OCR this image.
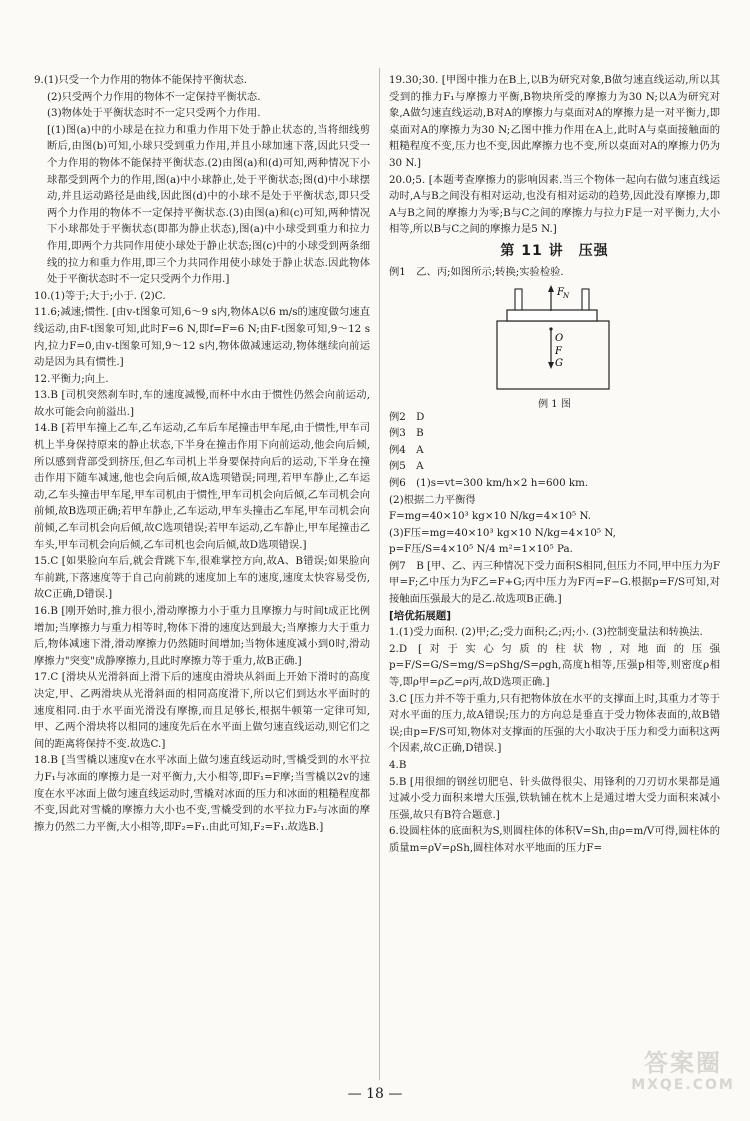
9.(1)只受一个力作用的物体不能保持平衡状态.
(2)只受两个力作用的物体不一定保持平衡状态.
(3)物体处于平衡状态时不一定只受两个力作用.
[(1)图(a)中的小球是在拉力和重力作用下处于静止状态的,当将细线剪断后,由图(b)可知,小球只受到重力作用,并且小球加速下落,因此只受一个力作用的物体不能保持平衡状态.(2)由图(a)和(d)可知,两种情况下小球都受到两个力的作用,图(a)中小球静止,处于平衡状态;图(d)中小球摆动,并且运动路径是曲线,因此图(d)中的小球不是处于平衡状态,即只受两个力作用的物体不一定保持平衡状态.(3)由图(a)和(c)可知,两种情况下小球都处于平衡状态(即都为静止状态),图(a)中小球受到重力和拉力作用,即两个力共同作用使小球处于静止状态;图(c)中的小球受到两条细线的拉力和重力作用,即三个力共同作用使小球处于静止状态.因此物体处于平衡状态时不一定只受两个力作用.]
10.(1)等于;大于;小于. (2)C.
11.6;减速;惯性. [由v-t图象可知,6～9 s内,物体A以6 m/s的速度做匀速直线运动,由F-t图象可知,此时F=6 N,即f=F=6 N;由F-t图象可知,9～12 s内,拉力F=0,由v-t图象可知,9～12 s内,物体做减速运动,物体继续向前运动是因为具有惯性.]
12.平衡力;向上.
13.B [司机突然刹车时,车的速度减慢,而杯中水由于惯性仍然会向前运动,故水可能会向前溢出.]
14.B [若甲车撞上乙车,乙车运动,乙车后车尾撞击甲车尾,由于惯性,甲车司机上半身保持原来的静止状态,下半身在撞击作用下向前运动,他会向后倾,所以感到背部受到挤压,但乙车司机上半身要保持向后的运动,下半身在撞击作用下随车减速,他也会向后倾,故A选项错误;同理,若甲车静止,乙车运动,乙车头撞击甲车尾,甲车司机由于惯性,甲车司机会向后倾,乙车司机会向前倾,故B选项正确;若甲车静止,乙车运动,甲车头撞击乙车尾,甲车司机会向前倾,乙车司机会向后倾,故C选项错误;若甲车运动,乙车静止,甲车尾撞击乙车头,甲车司机会向后倾,乙车司机也会向后倾,故D选项错误.]
15.C [如果脸向车后,就会背跳下车,很难掌控方向,故A、B错误;如果脸向车前跳,下落速度等于自己向前跳的速度加上车的速度,速度太快容易受伤,故C正确,D错误.]
16.B [刚开始时,推力很小,滑动摩擦力小于重力且摩擦力与时间t成正比例增加;当摩擦力与重力相等时,物体下滑的速度达到最大;当摩擦力大于重力后,物体减速下滑,滑动摩擦力仍然随时间增加;当物体速度减小到0时,滑动摩擦力"突变"成静摩擦力,且此时摩擦力等于重力,故B正确.]
17.C [滑块从光滑斜面上滑下后的速度由滑块从斜面上开始下滑时的高度决定,甲、乙两滑块从光滑斜面的相同高度滑下,所以它们到达水平面时的速度相同.由于水平面光滑没有摩擦,而且足够长,根据牛顿第一定律可知,甲、乙两个滑块将以相同的速度先后在水平面上做匀速直线运动,则它们之间的距离将保持不变.故选C.]
18.B [当雪橇以速度v在水平冰面上做匀速直线运动时,雪橇受到的水平拉力F₁与冰面的摩擦力是一对平衡力,大小相等,即F₁=F摩;当雪橇以2v的速度在水平冰面上做匀速直线运动时,雪橇对冰面的压力和冰面的粗糙程度都不变,因此对雪橇的摩擦力大小也不变,雪橇受到的水平拉力F₂与冰面的摩擦力仍然二力平衡,大小相等,即F₂=F₁.由此可知,F₂=F₁.故选B.]
19.30;30. [甲图中推力在B上,以B为研究对象,B做匀速直线运动,所以其受到的推力F₁与摩擦力平衡,B物块所受的摩擦力为30 N;以A为研究对象,A做匀速直线运动,B对A的摩擦力与桌面对A的摩擦力是一对平衡力,即桌面对A的摩擦力为30 N;乙图中推力作用在A上,此时A与桌面接触面的粗糙程度不变,压力也不变,因此摩擦力也不变,所以桌面对A的摩擦力仍为30 N.]
20.0;5. [本题考查摩擦力的影响因素.当三个物体一起向右做匀速直线运动时,A与B之间没有相对运动,也没有相对运动的趋势,因此没有摩擦力,即A与B之间的摩擦力为零;B与C之间的摩擦力与拉力F是一对平衡力,大小相等,所以B与C之间的摩擦力是5 N.]
第 11 讲　压强
例1　乙、丙;如图所示;转换;实验检验.
F N
O
F
G
例 1 图
例2　D
例3　B
例4　A
例5　A
例6　(1)s=vt=300 km/h×2 h=600 km.
(2)根据二力平衡得
F=mg=40×10³ kg×10 N/kg=4×10⁵ N.
(3)F压=mg=40×10³ kg×10 N/kg=4×10⁵ N,
p=F压/S=4×10⁵ N/4 m²=1×10⁵ Pa.
例7　B [甲、乙、丙三种情况下受力面积S相同,但压力不同,甲中压力为F甲=F;乙中压力为F乙=F+G;丙中压力为F丙=F−G.根据p=F/S可知,对接触面压强最大的是乙.故选项B正确.]
[培优拓展题]
1.(1)受力面积. (2)甲;乙;受力面积;乙;丙;小. (3)控制变量法和转换法.
2.D [对于实心匀质的柱状物,对地面的压强p=F/S=G/S=mg/S=ρShg/S=ρgh,高度h相等,压强p相等,则密度ρ相等,即ρ甲=ρ乙=ρ丙,故D选项正确.]
3.C [压力并不等于重力,只有把物体放在水平的支撑面上时,其重力才等于对水平面的压力,故A错误;压力的方向总是垂直于受力物体表面的,故B错误;由p=F/S可知,物体对支撑面的压强的大小取决于压力和受力面积这两个因素,故C正确,D错误.]
4.B
5.B [用很细的钢丝切肥皂、针头做得很尖、用锋利的刀刃切水果都是通过减小受力面积来增大压强,铁轨铺在枕木上是通过增大受力面积来减小压强,故只有B符合题意.]
6.设圆柱体的底面积为S,则圆柱体的体积V=Sh,由ρ=m/V可得,圆柱体的质量m=ρV=ρSh,圆柱体对水平地面的压力F=
— 18 —
答案圈
MXQE.COM
